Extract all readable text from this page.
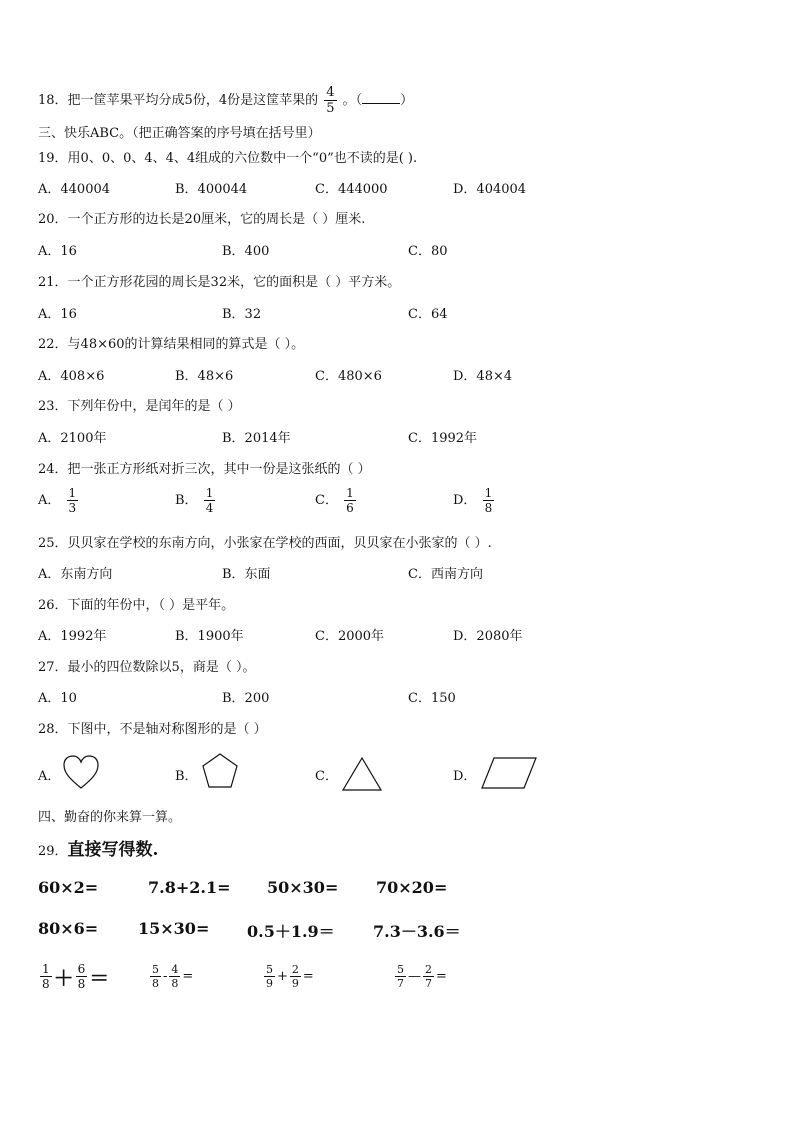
18．把一筐苹果平均分成5份，4份是这筐苹果的 $\frac{4}{5}$ 。（	）
三、快乐ABC。（把正确答案的序号填在括号里）
19．用0、0、0、4、4、4组成的六位数中一个“0”也不读的是( ).
A．440004	B．400044	C．444000	D．404004
20．一个正方形的边长是20厘米，它的周长是（ ）厘米.
A．16	B．400	C．80
21．一个正方形花园的周长是32米，它的面积是（ ）平方米。
A．16	B．32	C．64
22．与48×60的计算结果相同的算式是（ ）。
A．408×6	B．48×6	C．480×6	D．48×4
23．下列年份中，是闰年的是（ ）
A．2100年	B．2014年	C．1992年
24．把一张正方形纸对折三次，其中一份是这张纸的（ ）
A． $\frac{1}{3}$	B． $\frac{1}{4}$	C． $\frac{1}{6}$	D． $\frac{1}{8}$
25．贝贝家在学校的东南方向，小张家在学校的西面，贝贝家在小张家的（ ）.
A．东南方向	B．东面	C．西南方向
26．下面的年份中，（ ）是平年。
A．1992年	B．1900年	C．2000年	D．2080年
27．最小的四位数除以5，商是（ ）。
A．10	B．200	C．150
28．下图中，不是轴对称图形的是（ ）
A．	B．	C．	D．
四、勤奋的你来算一算。
29．直接写得数.
60×2=	7.8+2.1= 50×30= 70×20=
80×6= 15×30= 0.5＋1.9＝ 7.3－3.6＝
$\frac{1}{8} + \frac{6}{8}$ ＝	$\frac{5}{8} - \frac{4}{8}$ =	$\frac{5}{9} + \frac{2}{9}$ =	$\frac{5}{7}$ — $\frac{2}{7}$ =
